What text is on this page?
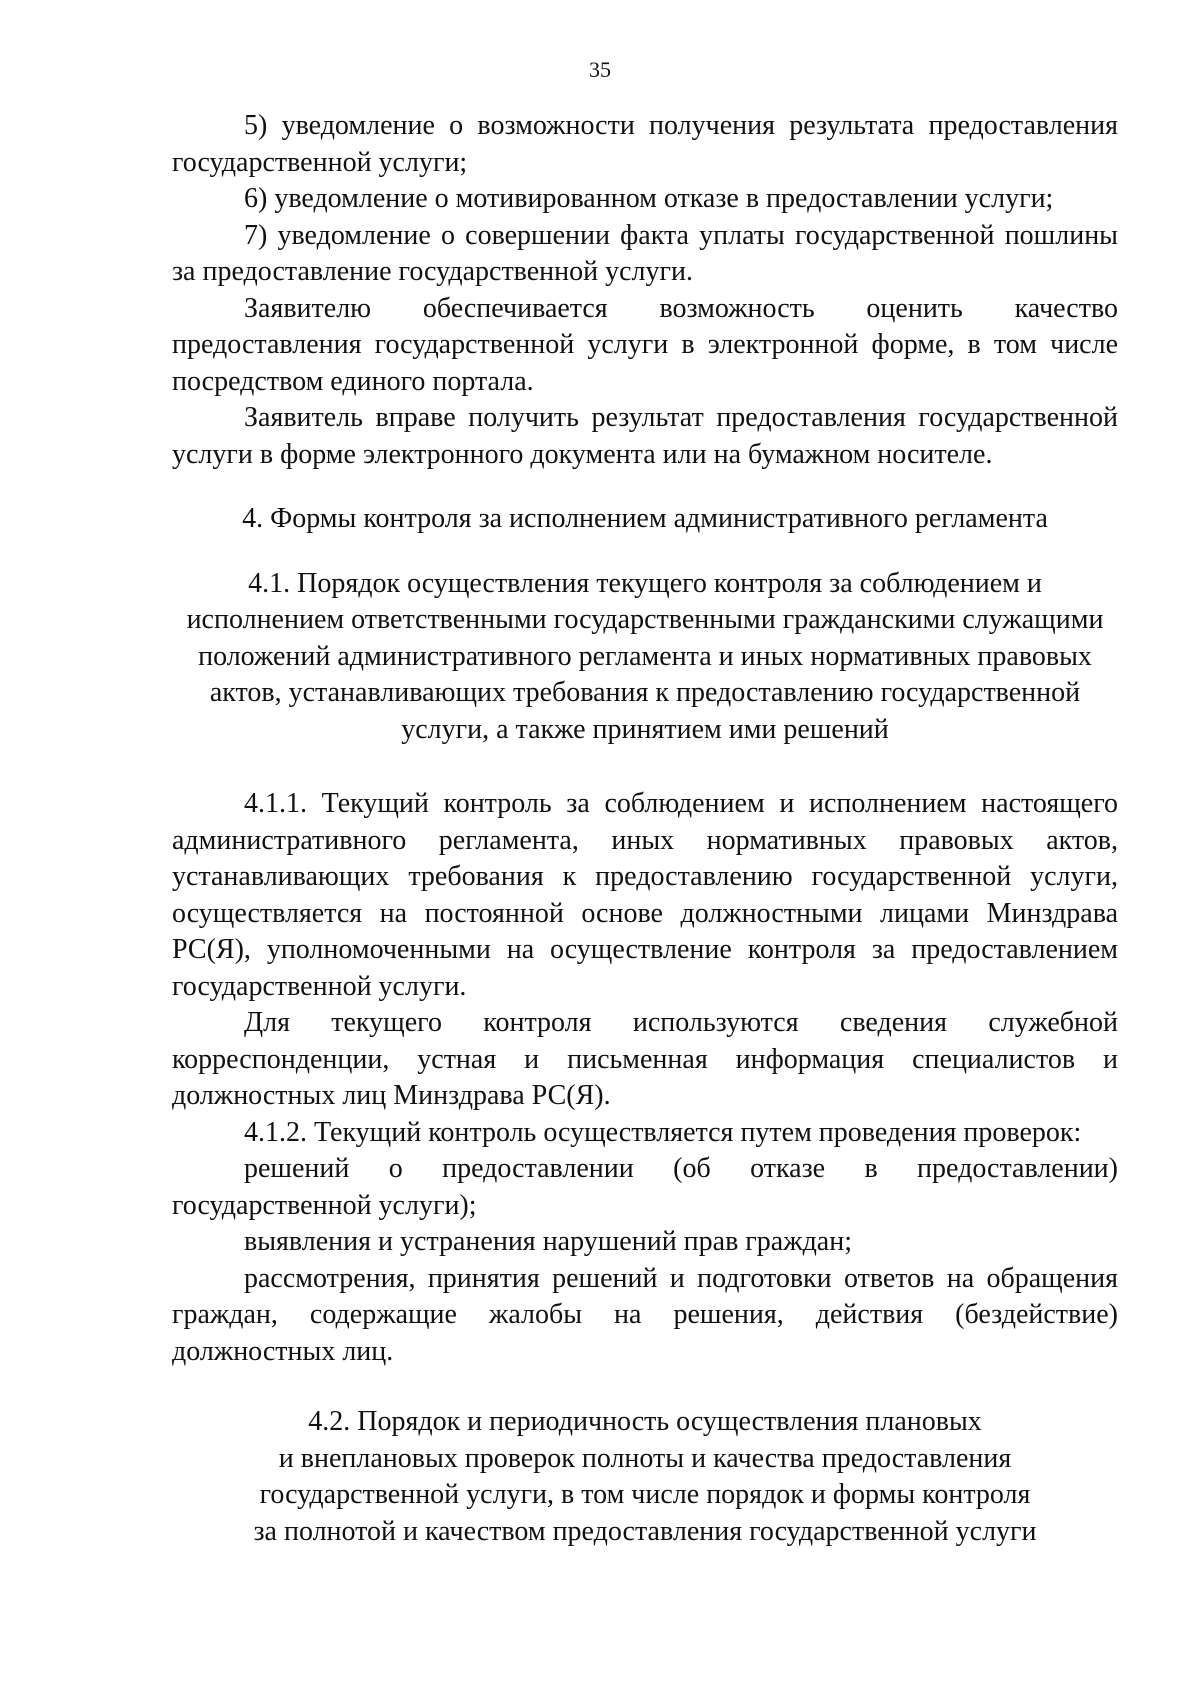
35

5) уведомление о возможности получения результата предоставления государственной услуги;

6) уведомление о мотивированном отказе в предоставлении услуги;

7) уведомление о совершении факта уплаты государственной пошлины за предоставление государственной услуги.

Заявителю обеспечивается возможность оценить качество предоставления государственной услуги в электронной форме, в том числе посредством единого портала.

Заявитель вправе получить результат предоставления государственной услуги в форме электронного документа или на бумажном носителе.

4. Формы контроля за исполнением административного регламента

4.1. Порядок осуществления текущего контроля за соблюдением и
исполнением ответственными государственными гражданскими служащими
положений административного регламента и иных нормативных правовых
актов, устанавливающих требования к предоставлению государственной
услуги, а также принятием ими решений

4.1.1. Текущий контроль за соблюдением и исполнением настоящего административного регламента, иных нормативных правовых актов, устанавливающих требования к предоставлению государственной услуги, осуществляется на постоянной основе должностными лицами Минздрава РС(Я), уполномоченными на осуществление контроля за предоставлением государственной услуги.

Для текущего контроля используются сведения служебной корреспонденции, устная и письменная информация специалистов и должностных лиц Минздрава РС(Я).

4.1.2. Текущий контроль осуществляется путем проведения проверок:

решений о предоставлении (об отказе в предоставлении) государственной услуги);

выявления и устранения нарушений прав граждан;

рассмотрения, принятия решений и подготовки ответов на обращения граждан, содержащие жалобы на решения, действия (бездействие) должностных лиц.

4.2. Порядок и периодичность осуществления плановых
и внеплановых проверок полноты и качества предоставления
государственной услуги, в том числе порядок и формы контроля
за полнотой и качеством предоставления государственной услуги
